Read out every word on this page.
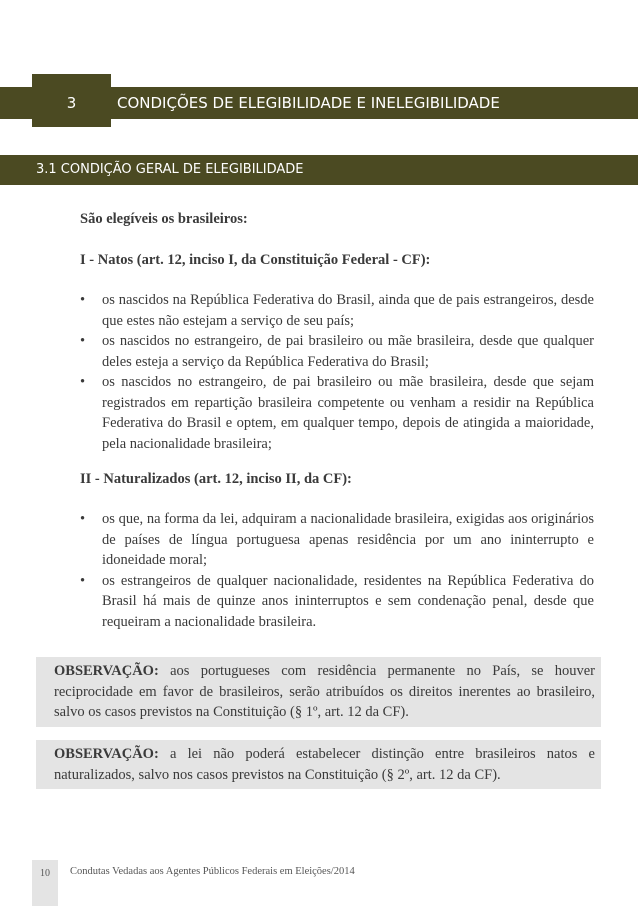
3	CONDIÇÕES DE ELEGIBILIDADE E INELEGIBILIDADE
3.1 CONDIÇÃO GERAL DE ELEGIBILIDADE
São elegíveis os brasileiros:
I - Natos (art. 12, inciso I, da Constituição Federal - CF):
• os nascidos na República Federativa do Brasil, ainda que de pais estrangeiros, desde que estes não estejam a serviço de seu país;
• os nascidos no estrangeiro, de pai brasileiro ou mãe brasileira, desde que qualquer deles esteja a serviço da República Federativa do Brasil;
• os nascidos no estrangeiro, de pai brasileiro ou mãe brasileira, desde que sejam registrados em repartição brasileira competente ou venham a residir na República Federativa do Brasil e optem, em qualquer tempo, depois de atingida a maioridade, pela nacionalidade brasileira;
II - Naturalizados (art. 12, inciso II, da CF):
• os que, na forma da lei, adquiram a nacionalidade brasileira, exigidas aos originários de países de língua portuguesa apenas residência por um ano ininterrupto e idoneidade moral;
• os estrangeiros de qualquer nacionalidade, residentes na República Federativa do Brasil há mais de quinze anos ininterruptos e sem condenação penal, desde que requeiram a nacionalidade brasileira.
OBSERVAÇÃO: aos portugueses com residência permanente no País, se houver reciprocidade em favor de brasileiros, serão atribuídos os direitos inerentes ao brasileiro, salvo os casos previstos na Constituição (§ 1º, art. 12 da CF).
OBSERVAÇÃO: a lei não poderá estabelecer distinção entre brasileiros natos e naturalizados, salvo nos casos previstos na Constituição (§ 2º, art. 12 da CF).
10	Condutas Vedadas aos Agentes Públicos Federais em Eleições/2014
